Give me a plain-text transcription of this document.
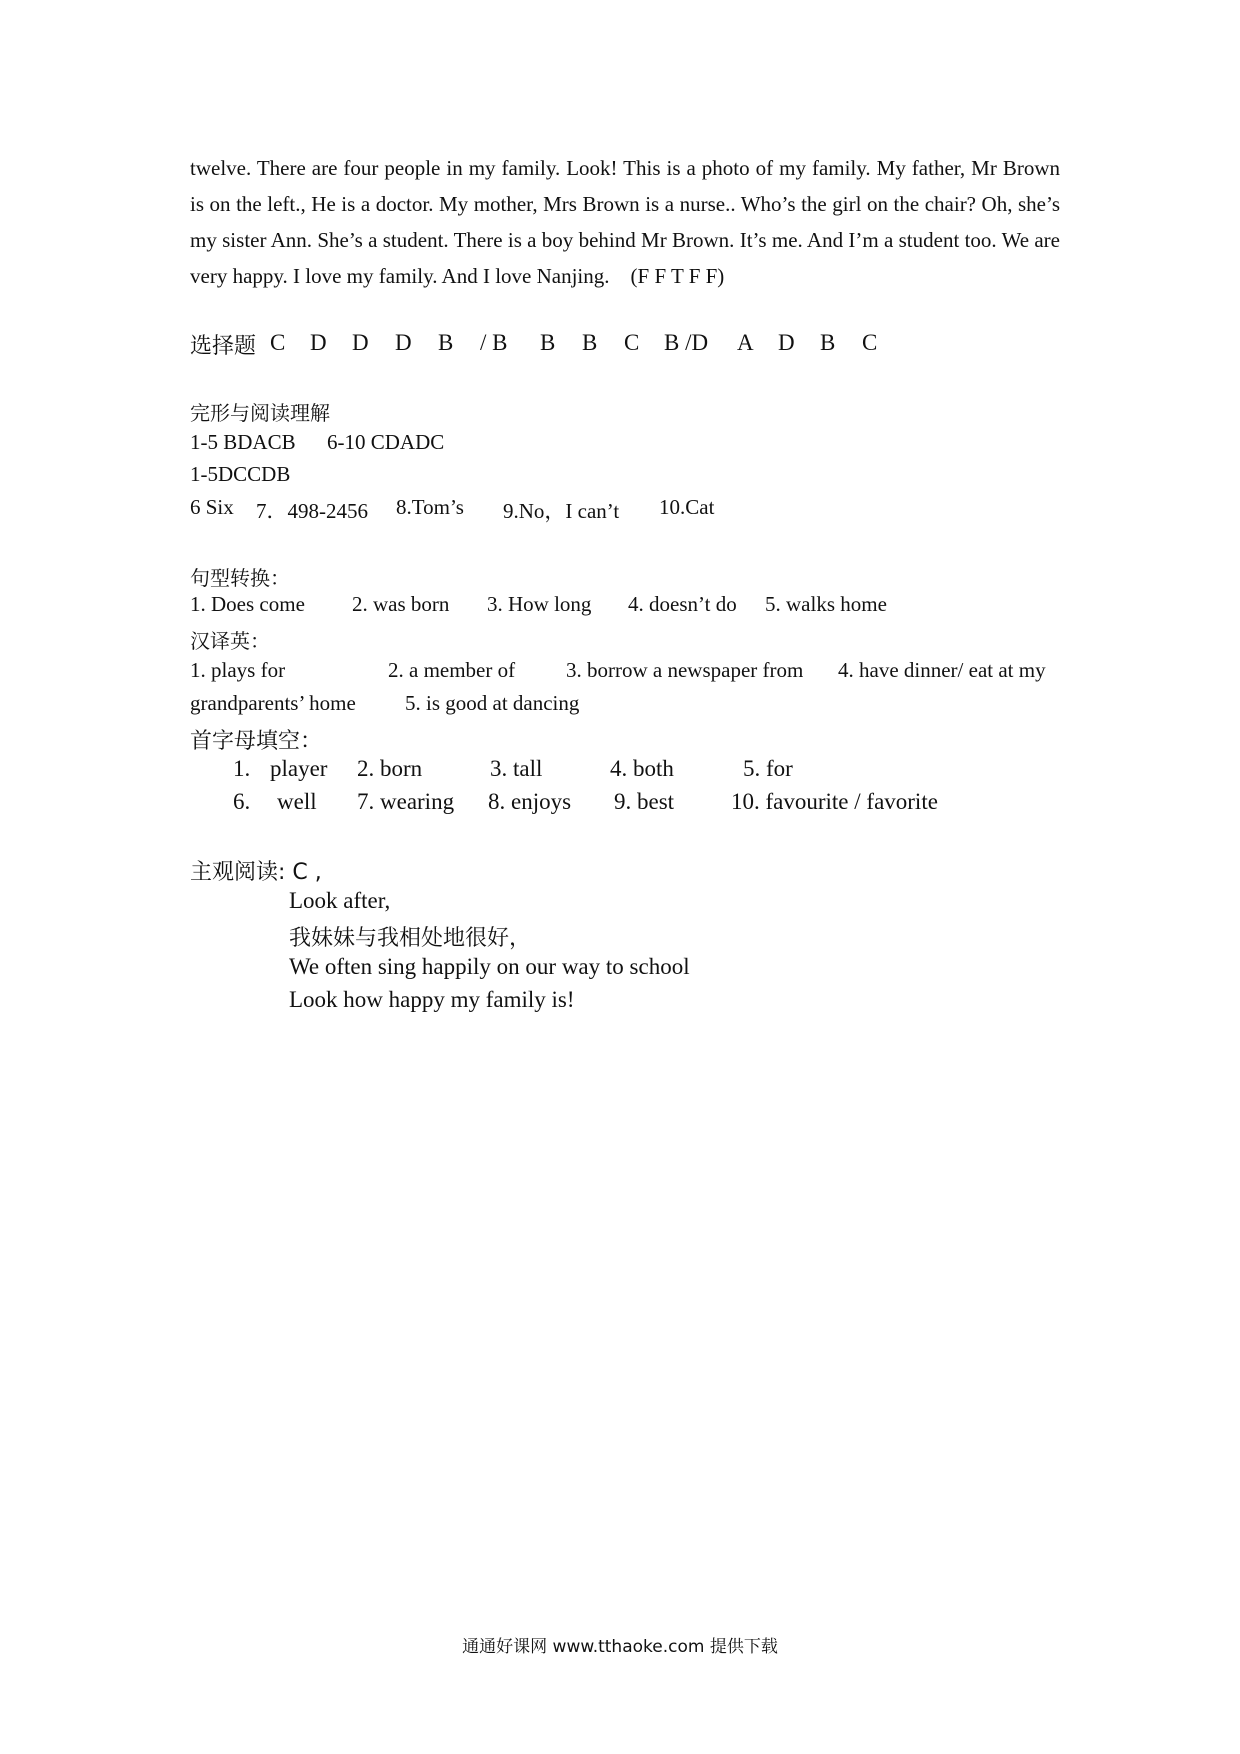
twelve. There are four people in my family. Look! This is a photo of my family. My father, Mr Brown is on the left., He is a doctor. My mother, Mrs Brown is a nurse.. Who’s the girl on the chair? Oh, she’s my sister Ann. She’s a student. There is a boy behind Mr Brown. It’s me. And I’m a student too. We are very happy. I love my family. And I love Nanjing. (F F T F F)
选择题 C D D D B / B B B C B /D A D B C
完形与阅读理解
1-5 BDACB 6-10 CDADC
1-5DCCDB
6 Six 7．498-2456 8.Tom’s 9.No，I can’t 10.Cat
句型转换：
1. Does come 2. was born 3. How long 4. doesn’t do 5. walks home
汉译英：
1. plays for	2. a member of 3. borrow a newspaper from 4. have dinner/ eat at my
grandparents’ home 5. is good at dancing
首字母填空：
1. player 2. born	3. tall	4. both	5. for
6. well 7. wearing 8. enjoys 9. best 10. favourite / favorite
主观阅读: C ,
Look after,
我妹妹与我相处地很好，
We often sing happily on our way to school
Look how happy my family is!
通通好课网 www.tthaoke.com 提供下载
